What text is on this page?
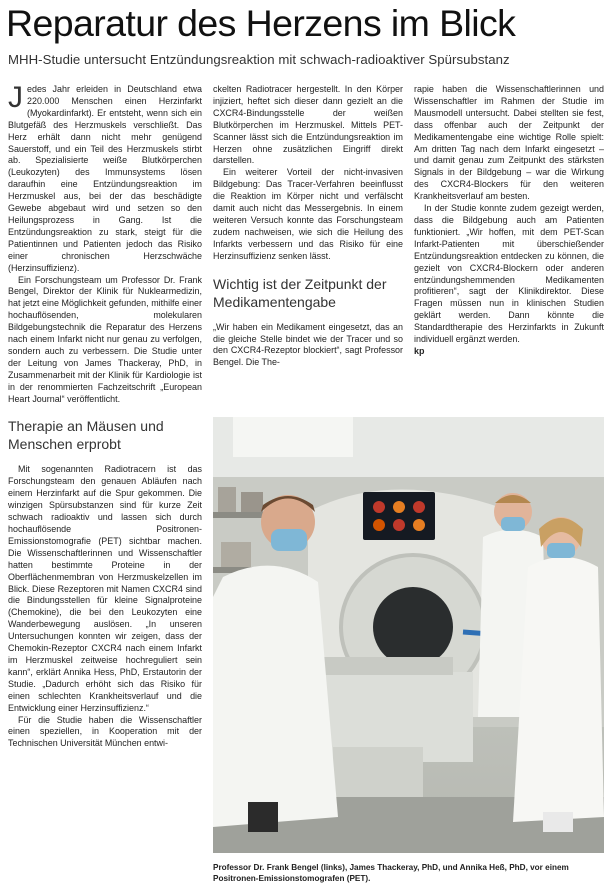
Reparatur des Herzens im Blick

MHH-Studie untersucht Entzündungsreaktion mit schwach-radioaktiver Spürsubstanz

Jedes Jahr erleiden in Deutschland etwa 220.000 Menschen einen Herzinfarkt (Myokardinfarkt). Er entsteht, wenn sich ein Blutgefäß des Herzmuskels verschließt. Das Herz erhält dann nicht mehr genügend Sauerstoff, und ein Teil des Herzmuskels stirbt ab. Spezialisierte weiße Blutkörperchen (Leukozyten) des Immunsystems lösen daraufhin eine Entzündungsreaktion im Herzmuskel aus, bei der das beschädigte Gewebe abgebaut wird und setzen so den Heilungsprozess in Gang. Ist die Entzündungsreaktion zu stark, steigt für die Patientinnen und Patienten jedoch das Risiko einer chronischen Herzschwäche (Herzinsuffizienz).

Ein Forschungsteam um Professor Dr. Frank Bengel, Direktor der Klinik für Nuklearmedizin, hat jetzt eine Möglichkeit gefunden, mithilfe einer hochauflösenden, molekularen Bildgebungstechnik die Reparatur des Herzens nach einem Infarkt nicht nur genau zu verfolgen, sondern auch zu verbessern. Die Studie unter der Leitung von James Thackeray, PhD, in Zusammenarbeit mit der Klinik für Kardiologie ist in der renommierten Fachzeitschrift „European Heart Journal“ veröffentlicht.

Therapie an Mäusen und Menschen erprobt

Mit sogenannten Radiotracern ist das Forschungsteam den genauen Abläufen nach einem Herzinfarkt auf die Spur gekommen. Die winzigen Spürsubstanzen sind für kurze Zeit schwach radioaktiv und lassen sich durch hochauflösende Positronen-Emissionstomografie (PET) sichtbar machen. Die Wissenschaftlerinnen und Wissenschaftler hatten bestimmte Proteine in der Oberflächenmembran von Herzmuskelzellen im Blick. Diese Rezeptoren mit Namen CXCR4 sind die Bindungsstellen für kleine Signalproteine (Chemokine), die bei den Leukozyten eine Wanderbewegung auslösen. „In unseren Untersuchungen konnten wir zeigen, dass der Chemokin-Rezeptor CXCR4 nach einem Infarkt im Herzmuskel zeitweise hochreguliert sein kann“, erklärt Annika Hess, PhD, Erstautorin der Studie. „Dadurch erhöht sich das Risiko für einen schlechten Krankheitsverlauf und die Entwicklung einer Herzinsuffizienz.“

Für die Studie haben die Wissenschaftler einen speziellen, in Kooperation mit der Technischen Universität München entwi-

ckelten Radiotracer hergestellt. In den Körper injiziert, heftet sich dieser dann gezielt an die CXCR4-Bindungsstelle der weißen Blutkörperchen im Herzmuskel. Mittels PET-Scanner lässt sich die Entzündungsreaktion im Herzen ohne zusätzlichen Eingriff direkt darstellen.

Ein weiterer Vorteil der nicht-invasiven Bildgebung: Das Tracer-Verfahren beeinflusst die Reaktion im Körper nicht und verfälscht damit auch nicht das Messergebnis. In einem weiteren Versuch konnte das Forschungsteam zudem nachweisen, wie sich die Heilung des Infarkts verbessern und das Risiko für eine Herzinsuffizienz senken lässt.

Wichtig ist der Zeitpunkt der Medikamentengabe

„Wir haben ein Medikament eingesetzt, das an die gleiche Stelle bindet wie der Tracer und so den CXCR4-Rezeptor blockiert“, sagt Professor Bengel. Die The-

rapie haben die Wissenschaftlerinnen und Wissenschaftler im Rahmen der Studie im Mausmodell untersucht. Dabei stellten sie fest, dass offenbar auch der Zeitpunkt der Medikamentengabe eine wichtige Rolle spielt: Am dritten Tag nach dem Infarkt eingesetzt – und damit genau zum Zeitpunkt des stärksten Signals in der Bildgebung – war die Wirkung des CXCR4-Blockers für den weiteren Krankheitsverlauf am besten.

In der Studie konnte zudem gezeigt werden, dass die Bildgebung auch am Patienten funktioniert. „Wir hoffen, mit dem PET-Scan Infarkt-Patienten mit überschießender Entzündungsreaktion entdecken zu können, die gezielt von CXCR4-Blockern oder anderen entzündungshemmenden Medikamenten profitieren“, sagt der Klinikdirektor. Diese Fragen müssen nun in klinischen Studien geklärt werden. Dann könnte die Standardtherapie des Herzinfarkts in Zukunft individuell ergänzt werden.

kp

Professor Dr. Frank Bengel (links), James Thackeray, PhD, und Annika Heß, PhD, vor einem Positronen-Emissionstomografen (PET).
